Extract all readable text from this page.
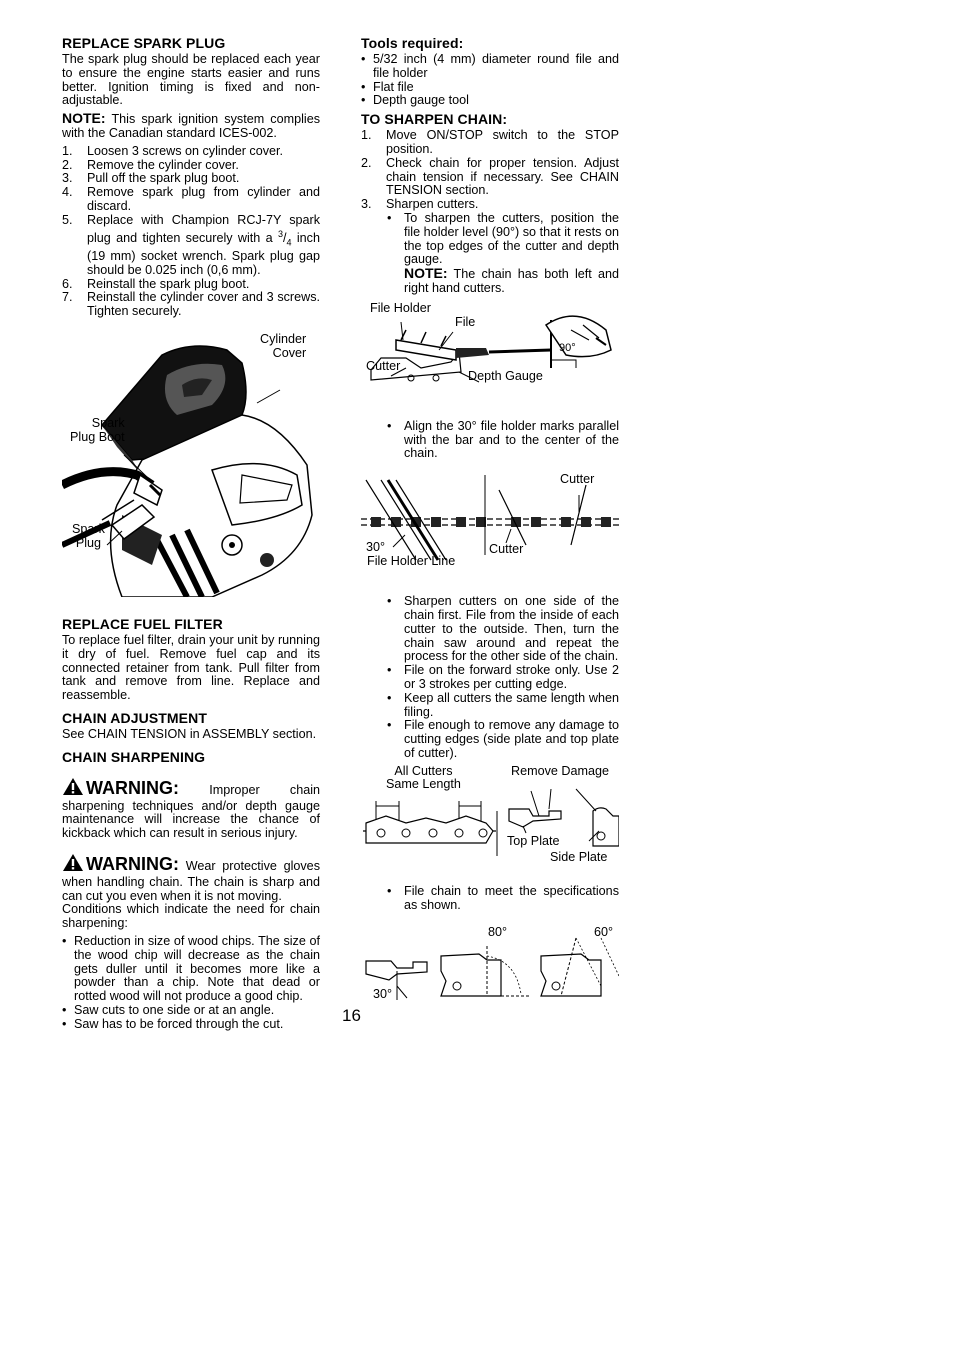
REPLACE SPARK PLUG

The spark plug should be replaced each year to ensure the engine starts easier and runs better. Ignition timing is fixed and non-adjustable.

NOTE: This spark ignition system complies with the Canadian standard ICES-002.

1. Loosen 3 screws on cylinder cover.
2. Remove the cylinder cover.
3. Pull off the spark plug boot.
4. Remove spark plug from cylinder and discard.
5. Replace with Champion RCJ-7Y spark plug and tighten securely with a $^3/_4$ inch (19 mm) socket wrench. Spark plug gap should be 0.025 inch (0,6 mm).
6. Reinstall the spark plug boot.
7. Reinstall the cylinder cover and 3 screws. Tighten securely.
Cylinder
Cover
Spark
Plug Boot
Spark
Plug
REPLACE FUEL FILTER

To replace fuel filter, drain your unit by running it dry of fuel. Remove fuel cap and its connected retainer from tank. Pull filter from tank and remove from line. Replace and reassemble.

CHAIN ADJUSTMENT

See CHAIN TENSION in ASSEMBLY section.

CHAIN SHARPENING

WARNING: Improper chain sharpening techniques and/or depth gauge maintenance will increase the chance of kickback which can result in serious injury.

WARNING: Wear protective gloves when handling chain. The chain is sharp and can cut you even when it is not moving.

Conditions which indicate the need for chain sharpening:

• Reduction in size of wood chips. The size of the wood chip will decrease as the chain gets duller until it becomes more like a powder than a chip. Note that dead or rotted wood will not produce a good chip.
• Saw cuts to one side or at an angle.
• Saw has to be forced through the cut.
Tools required:
• 5/32 inch (4 mm) diameter round file and file holder
• Flat file
• Depth gauge tool
TO SHARPEN CHAIN:
1. Move ON/STOP switch to the STOP position.
2. Check chain for proper tension. Adjust chain tension if necessary. See CHAIN TENSION section.
3. Sharpen cutters.
• To sharpen the cutters, position the file holder level (90°) so that it rests on the top edges of the cutter and depth gauge.

NOTE: The chain has both left and right hand cutters.

File Holder
File
Cutter
Depth Gauge
90°
• Align the 30° file holder marks parallel with the bar and to the center of the chain.
Cutter
30°
File Holder Line
Cutter
• Sharpen cutters on one side of the chain first. File from the inside of each cutter to the outside. Then, turn the chain saw around and repeat the process for the other side of the chain.
• File on the forward stroke only. Use 2 or 3 strokes per cutting edge.
• Keep all cutters the same length when filing.
• File enough to remove any damage to cutting edges (side plate and top plate of cutter).
All Cutters
Same Length
Remove Damage
Top Plate
Side Plate
• File chain to meet the specifications as shown.
30°
80°	60°
16
